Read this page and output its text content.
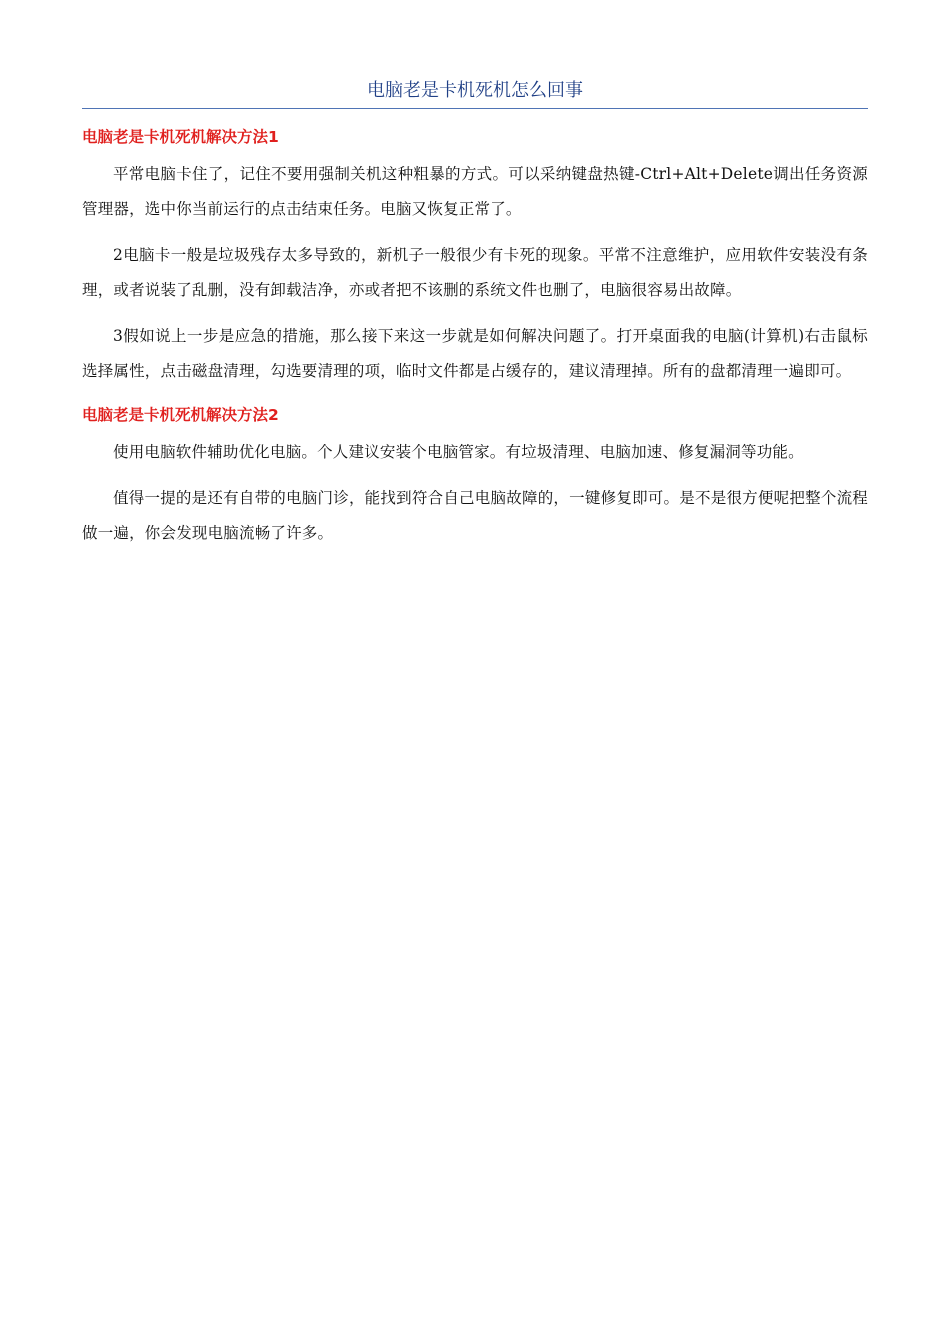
电脑老是卡机死机怎么回事
电脑老是卡机死机解决方法1

平常电脑卡住了，记住不要用强制关机这种粗暴的方式。可以采纳键盘热键-Ctrl+Alt+Delete调出任务资源管理器，选中你当前运行的点击结束任务。电脑又恢复正常了。

2电脑卡一般是垃圾残存太多导致的，新机子一般很少有卡死的现象。平常不注意维护，应用软件安装没有条理，或者说装了乱删，没有卸载洁净，亦或者把不该删的系统文件也删了，电脑很容易出故障。

3假如说上一步是应急的措施，那么接下来这一步就是如何解决问题了。打开桌面我的电脑(计算机)右击鼠标选择属性，点击磁盘清理，勾选要清理的项，临时文件都是占缓存的，建议清理掉。所有的盘都清理一遍即可。

电脑老是卡机死机解决方法2

使用电脑软件辅助优化电脑。个人建议安装个电脑管家。有垃圾清理、电脑加速、修复漏洞等功能。

值得一提的是还有自带的电脑门诊，能找到符合自己电脑故障的，一键修复即可。是不是很方便呢把整个流程做一遍，你会发现电脑流畅了许多。
